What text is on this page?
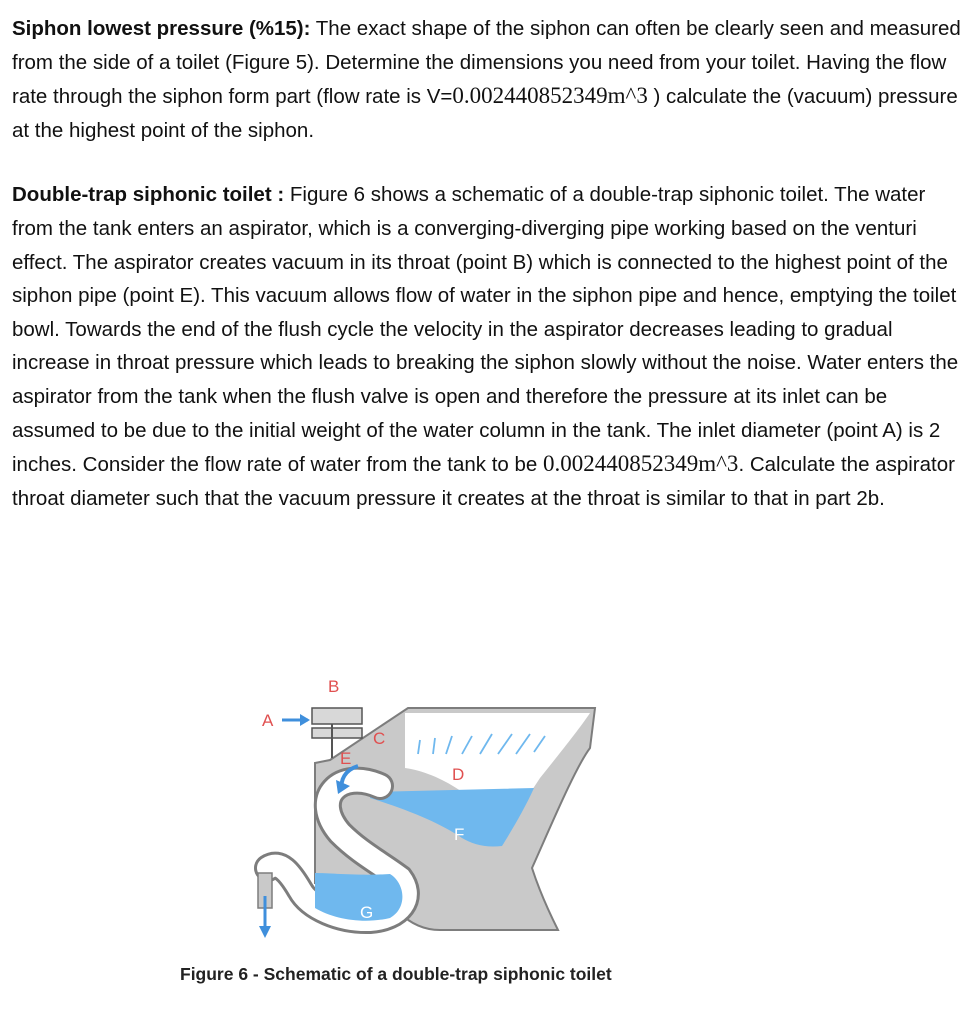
Siphon lowest pressure (%15): The exact shape of the siphon can often be clearly seen and measured from the side of a toilet (Figure 5). Determine the dimensions you need from your toilet. Having the flow rate through the siphon form part (flow rate is V=0.002440852349m^3 ) calculate the (vacuum) pressure at the highest point of the siphon.

Double-trap siphonic toilet : Figure 6 shows a schematic of a double-trap siphonic toilet. The water from the tank enters an aspirator, which is a converging-diverging pipe working based on the venturi effect. The aspirator creates vacuum in its throat (point B) which is connected to the highest point of the siphon pipe (point E). This vacuum allows flow of water in the siphon pipe and hence, emptying the toilet bowl. Towards the end of the flush cycle the velocity in the aspirator decreases leading to gradual increase in throat pressure which leads to breaking the siphon slowly without the noise. Water enters the aspirator from the tank when the flush valve is open and therefore the pressure at its inlet can be assumed to be due to the initial weight of the water column in the tank. The inlet diameter (point A) is 2 inches. Consider the flow rate of water from the tank to be 0.002440852349m^3. Calculate the aspirator throat diameter such that the vacuum pressure it creates at the throat is similar to that in part 2b.

A
B
C
D
E
F
G
Figure 6 - Schematic of a double-trap siphonic toilet
